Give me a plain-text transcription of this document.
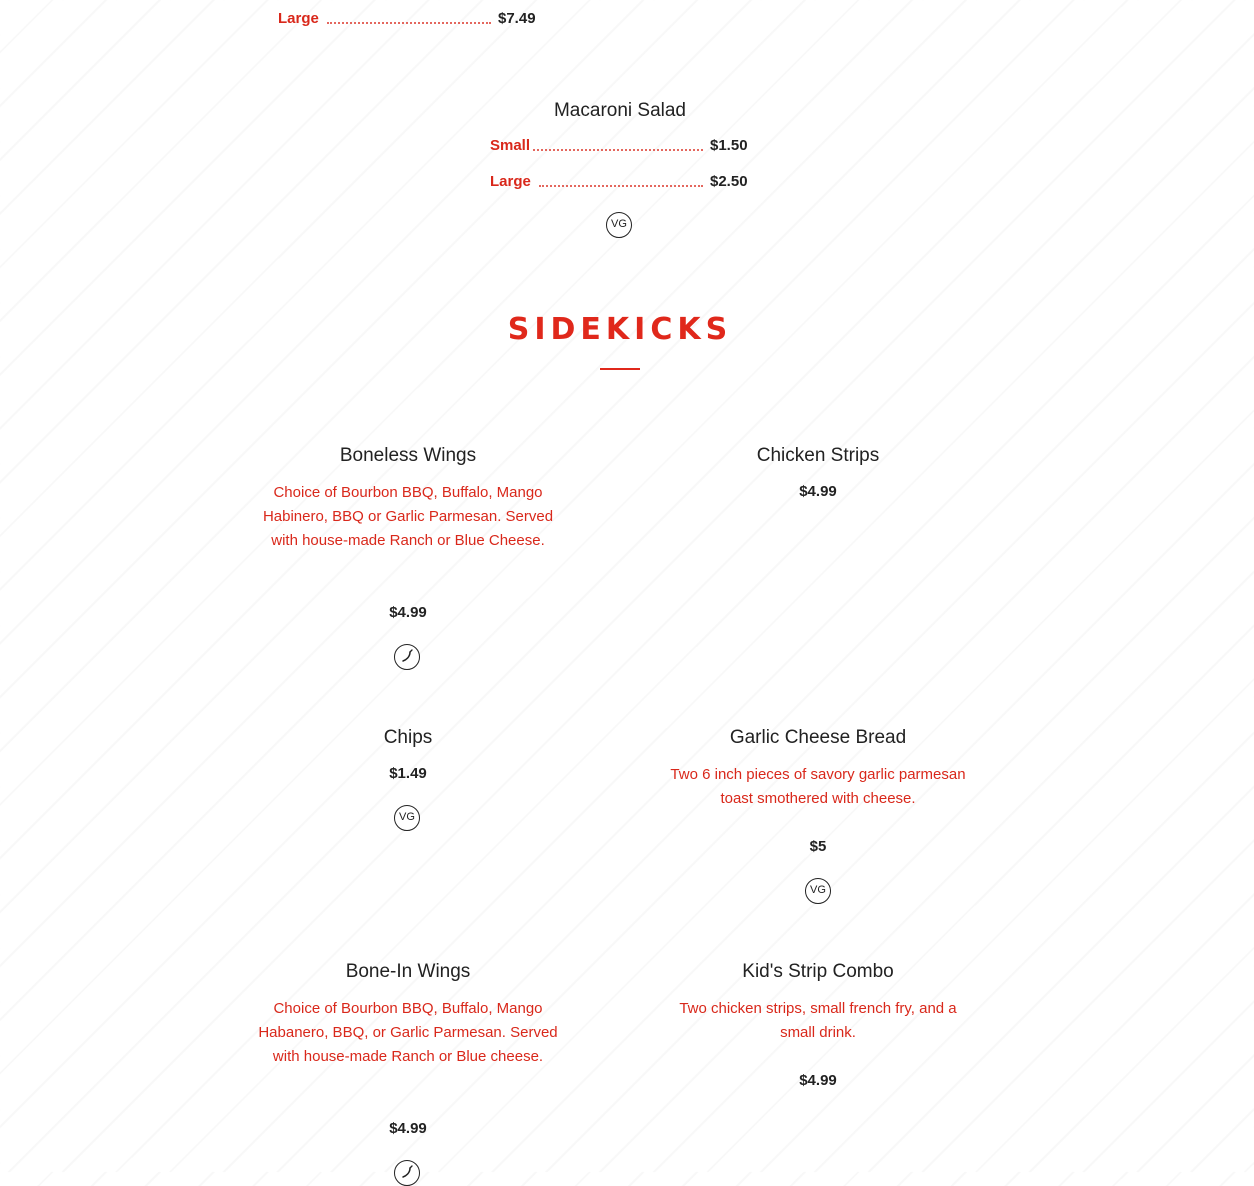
Large	$7.49
Macaroni Salad
Small	$1.50
Large	$2.50
VG
SIDEKICKS
Boneless Wings
Choice of Bourbon BBQ, Buffalo, Mango Habinero, BBQ or Garlic Parmesan. Served with house-made Ranch or Blue Cheese.
$4.99
Chicken Strips
$4.99
Chips
$1.49
VG
Garlic Cheese Bread
Two 6 inch pieces of savory garlic parmesan toast smothered with cheese.
$5
VG
Bone-In Wings
Choice of Bourbon BBQ, Buffalo, Mango Habanero, BBQ, or Garlic Parmesan. Served with house-made Ranch or Blue cheese.
$4.99
Kid's Strip Combo
Two chicken strips, small french fry, and a small drink.
$4.99
